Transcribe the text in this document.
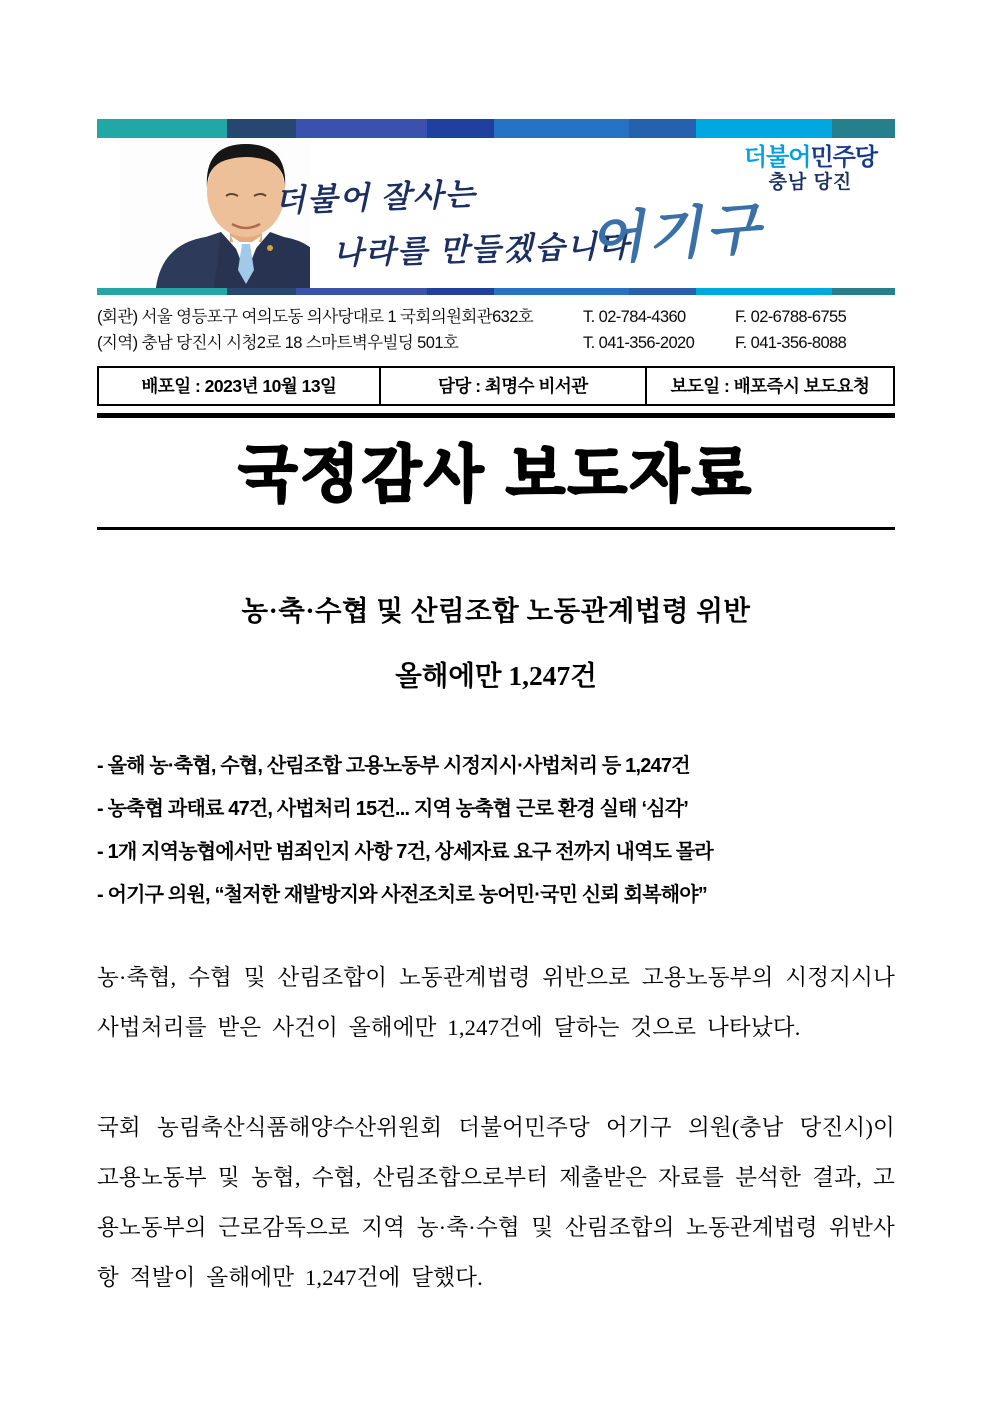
더불어 잘사는
나라를 만들겠습니다
어기구
더불어민주당
충남 당진
(회관) 서울 영등포구 여의도동 의사당대로 1 국회의원회관632호	T. 02-784-4360	F. 02-6788-6755
(지역) 충남 당진시 시청2로 18 스마트벽우빌딩 501호	T. 041-356-2020	F. 041-356-8088
배포일 : 2023년 10월 13일	담당 : 최명수 비서관	보도일 : 배포즉시 보도요청
국정감사 보도자료
농·축·수협 및 산림조합 노동관계법령 위반
올해에만 1,247건
- 올해 농·축협, 수협, 산림조합 고용노동부 시정지시·사법처리 등 1,247건
- 농축협 과태료 47건, 사법처리 15건... 지역 농축협 근로 환경 실태 ‘심각’
- 1개 지역농협에서만 범죄인지 사항 7건, 상세자료 요구 전까지 내역도 몰라
- 어기구 의원, “철저한 재발방지와 사전조치로 농어민·국민 신뢰 회복해야”

농·축협, 수협 및 산림조합이 노동관계법령 위반으로 고용노동부의 시정지시나 사법처리를 받은 사건이 올해에만 1,247건에 달하는 것으로 나타났다.

국회 농림축산식품해양수산위원회 더불어민주당 어기구 의원(충남 당진시)이 고용노동부 및 농협, 수협, 산림조합으로부터 제출받은 자료를 분석한 결과, 고용노동부의 근로감독으로 지역 농·축·수협 및 산림조합의 노동관계법령 위반사항 적발이 올해에만 1,247건에 달했다.
